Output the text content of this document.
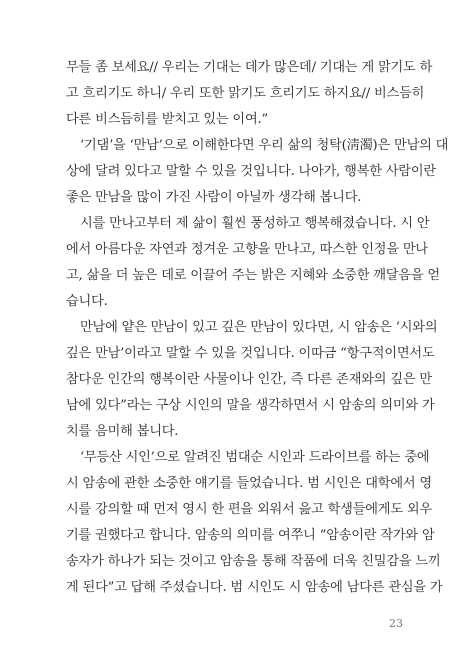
무들 좀 보세요// 우리는 기대는 데가 많은데/ 기대는 게 맑기도 하
고 흐리기도 하니/ 우리 또한 맑기도 흐리기도 하지요// 비스듬히
다른 비스듬히를 받치고 있는 이여.”
‘기댐’을 ‘만남’으로 이해한다면 우리 삶의 청탁(淸濁)은 만남의 대
상에 달려 있다고 말할 수 있을 것입니다. 나아가, 행복한 사람이란
좋은 만남을 많이 가진 사람이 아닐까 생각해 봅니다.
시를 만나고부터 제 삶이 훨씬 풍성하고 행복해졌습니다. 시 안
에서 아름다운 자연과 정겨운 고향을 만나고, 따스한 인정을 만나
고, 삶을 더 높은 데로 이끌어 주는 밝은 지혜와 소중한 깨달음을 얻
습니다.
만남에 얕은 만남이 있고 깊은 만남이 있다면, 시 암송은 ‘시와의
깊은 만남’이라고 말할 수 있을 것입니다. 이따금 “항구적이면서도
참다운 인간의 행복이란 사물이나 인간, 즉 다른 존재와의 깊은 만
남에 있다”라는 구상 시인의 말을 생각하면서 시 암송의 의미와 가
치를 음미해 봅니다.
‘무등산 시인’으로 알려진 범대순 시인과 드라이브를 하는 중에
시 암송에 관한 소중한 얘기를 들었습니다. 범 시인은 대학에서 영
시를 강의할 때 먼저 영시 한 편을 외워서 읊고 학생들에게도 외우
기를 권했다고 합니다. 암송의 의미를 여쭈니 “암송이란 작가와 암
송자가 하나가 되는 것이고 암송을 통해 작품에 더욱 친밀감을 느끼
게 된다”고 답해 주셨습니다. 범 시인도 시 암송에 남다른 관심을 가
23
